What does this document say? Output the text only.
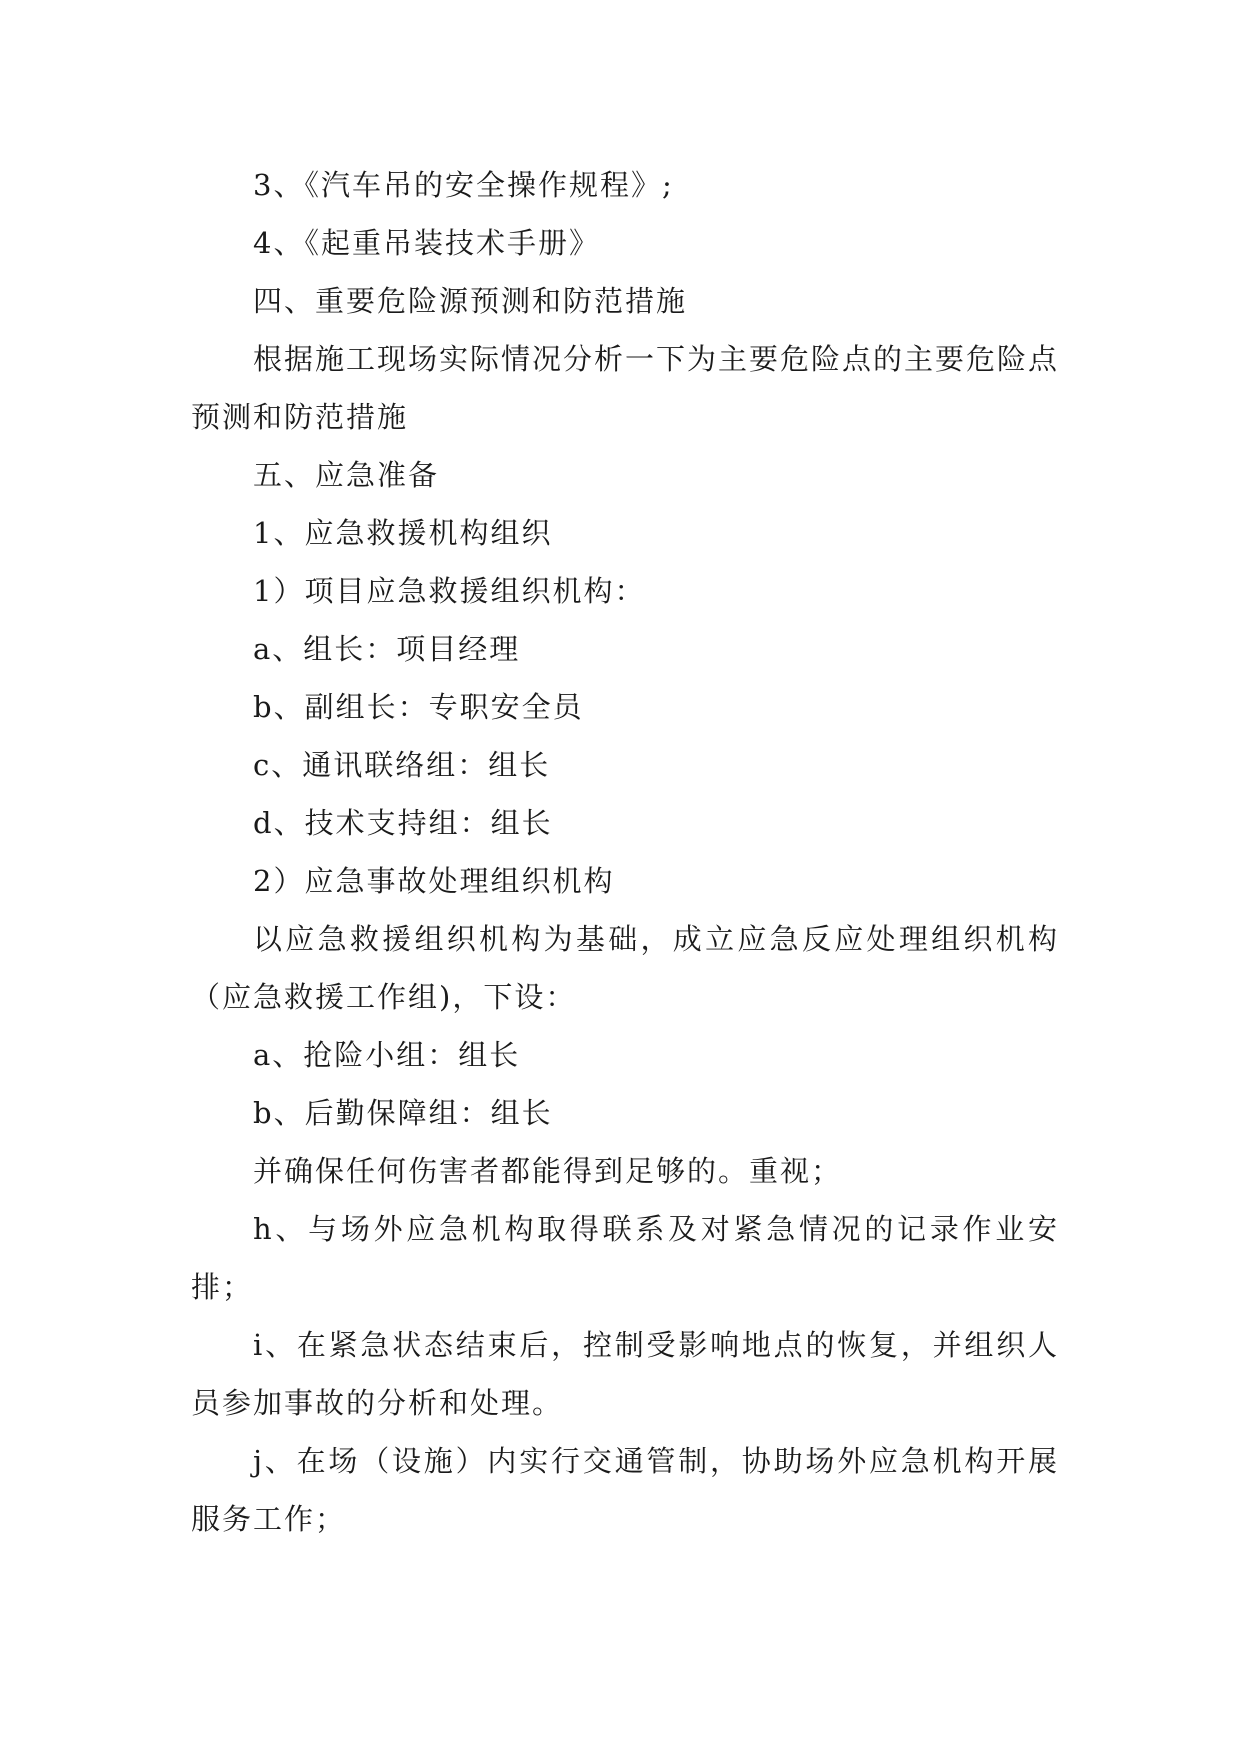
3、《汽车吊的安全操作规程》;

4、《起重吊装技术手册》

四、重要危险源预测和防范措施

根据施工现场实际情况分析一下为主要危险点的主要危险点预测和防范措施

五、应急准备

1、应急救援机构组织

1）项目应急救援组织机构：

a、组长：项目经理

b、副组长：专职安全员

c、通讯联络组：组长

d、技术支持组：组长

2）应急事故处理组织机构

以应急救援组织机构为基础，成立应急反应处理组织机构（应急救援工作组)，下设：

a、抢险小组：组长

b、后勤保障组：组长

并确保任何伤害者都能得到足够的。重视；

h、与场外应急机构取得联系及对紧急情况的记录作业安排；

i、在紧急状态结束后，控制受影响地点的恢复，并组织人员参加事故的分析和处理。

j、在场（设施）内实行交通管制，协助场外应急机构开展服务工作；
